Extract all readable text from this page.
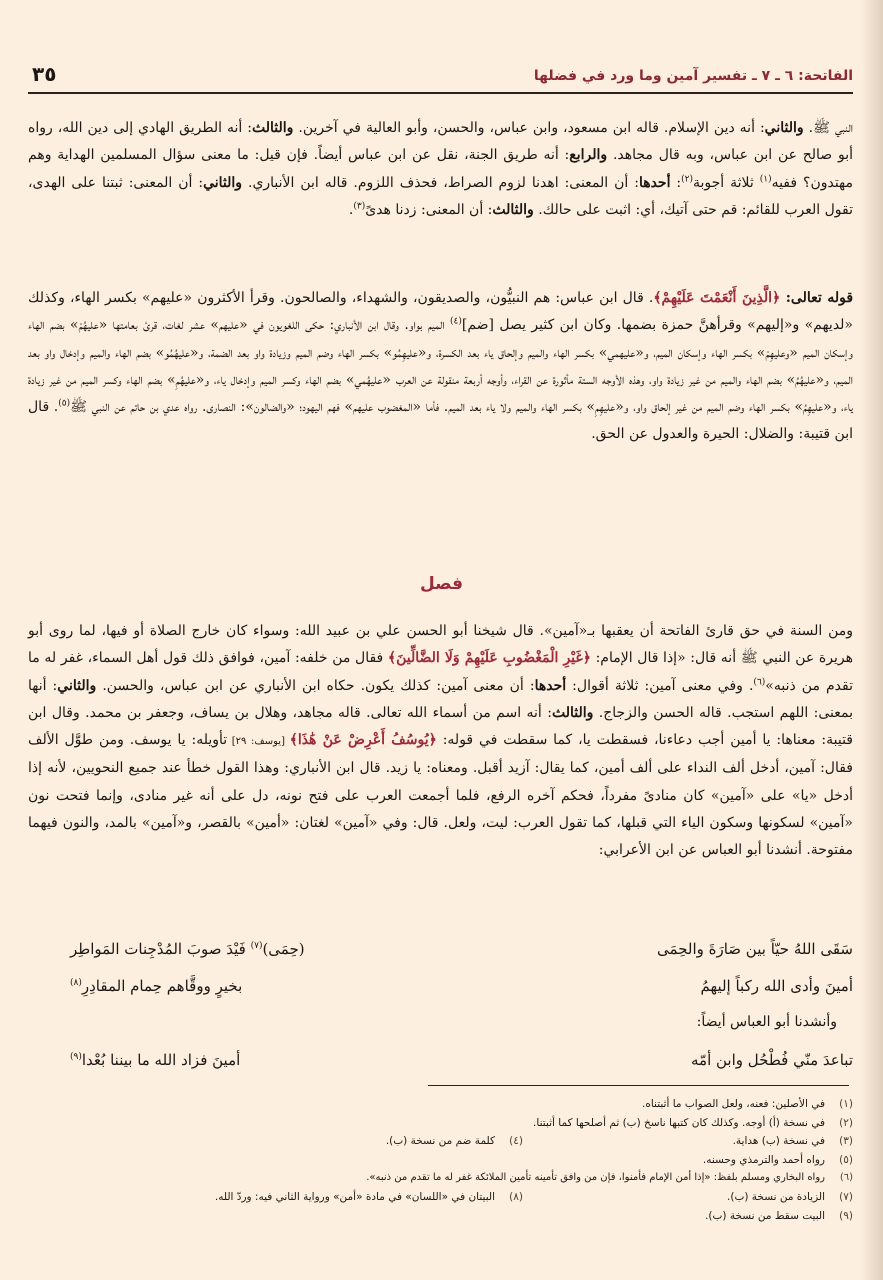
الفاتحة: ٦ ـ ٧ ـ تفسير آمين وما ورد في فضلها
٣٥

النبي ﷺ. والثاني: أنه دين الإسلام. قاله ابن مسعود، وابن عباس، والحسن، وأبو العالية في آخرين. والثالث: أنه الطريق الهادي إلى دين الله، رواه أبو صالح عن ابن عباس، وبه قال مجاهد. والرابع: أنه طريق الجنة، نقل عن ابن عباس أيضاً. فإن قيل: ما معنى سؤال المسلمين الهداية وهم مهتدون؟ ففيه$^{(١)}$ ثلاثة أجوبة$^{(٢)}$: أحدها: أن المعنى: اهدنا لزوم الصراط، فحذف اللزوم. قاله ابن الأنباري. والثاني: أن المعنى: ثبتنا على الهدى، تقول العرب للقائم: قم حتى آتيك، أي: اثبت على حالك. والثالث: أن المعنى: زدنا هدىً$^{(٣)}$.

قوله تعالى: ﴿الَّذِينَ أَنْعَمْتَ عَلَيْهِمْ﴾. قال ابن عباس: هم النبيُّون، والصديقون، والشهداء، والصالحون. وقرأ الأكثرون «عليهم» بكسر الهاء، وكذلك «لديهم» و«إليهم» وقرأهنَّ حمزة بضمها. وكان ابن كثير يصل [ضم]$^{(٤)}$ الميم بواو. وقال ابن الأنباري: حكى اللغويون في «عليهم» عشر لغات، قرئ بعامتها «عليهُمْ» بضم الهاء وإسكان الميم «وعليهِمْ» بكسر الهاء وإسكان الميم، و«عليهمي» بكسر الهاء والميم وإلحاق ياء بعد الكسرة، و«عليهِمُو» بكسر الهاء وضم الميم وزيادة واو بعد الضمة، و«عليهُمُو» بضم الهاء والميم وإدخال واو بعد الميم، و«عليهُمُ» بضم الهاء والميم من غير زيادة واو، وهذه الأوجه الستة مأثورة عن القراء، وأوجه أربعة منقولة عن العرب «عليهُمي» بضم الهاء وكسر الميم وإدخال ياء، و«عليهُمِ» بضم الهاء وكسر الميم من غير زيادة ياء، و«عليهِمُ» بكسر الهاء وضم الميم من غير إلحاق واو، و«عليهِمِ» بكسر الهاء والميم ولا ياء بعد الميم. فأما «المغضوب عليهم» فهم اليهود؛ «والضالون»: النصارى. رواه عدي بن حاتم عن النبي ﷺ$^{(٥)}$. قال ابن قتيبة: والضلال: الحيرة والعدول عن الحق.

فصل

ومن السنة في حق قارئ الفاتحة أن يعقبها بـ«آمين». قال شيخنا أبو الحسن علي بن عبيد الله: وسواء كان خارج الصلاة أو فيها، لما روى أبو هريرة عن النبي ﷺ أنه قال: «إذا قال الإمام: ﴿غَيْرِ الْمَغْضُوبِ عَلَيْهِمْ وَلَا الضَّالِّينَ﴾ فقال من خلفه: آمين، فوافق ذلك قول أهل السماء، غفر له ما تقدم من ذنبه»$^{(٦)}$. وفي معنى آمين: ثلاثة أقوال: أحدها: أن معنى آمين: كذلك يكون. حكاه ابن الأنباري عن ابن عباس، والحسن. والثاني: أنها بمعنى: اللهم استجب. قاله الحسن والزجاج. والثالث: أنه اسم من أسماء الله تعالى. قاله مجاهد، وهلال بن يساف، وجعفر بن محمد. وقال ابن قتيبة: معناها: يا أمين أجب دعاءنا، فسقطت يا، كما سقطت في قوله: ﴿يُوسُفُ أَعْرِضْ عَنْ هَٰذَا﴾ [يوسف: ٢٩] تأويله: يا يوسف. ومن طوَّل الألف فقال: آمين، أدخل ألف النداء على ألف أمين، كما يقال: آزيد أقبل. ومعناه: يا زيد. قال ابن الأنباري: وهذا القول خطأ عند جميع النحويين، لأنه إذا أدخل «يا» على «آمين» كان منادىً مفرداً، فحكم آخره الرفع، فلما أجمعت العرب على فتح نونه، دل على أنه غير منادى، وإنما فتحت نون «آمين» لسكونها وسكون الياء التي قبلها، كما تقول العرب: ليت، ولعل. قال: وفي «آمين» لغتان: «أمين» بالقصر، و«آمين» بالمد، والنون فيهما مفتوحة. أنشدنا أبو العباس عن ابن الأعرابي:

سَقَى اللهُ حيّاً بين صَارَةَ والحِمَى
(حِمَى)$^{(٧)}$ فَيْدَ صوبَ المُدْجِنات المَواطِر
أمينَ وأدى الله ركباً إليهمُ
بخيرٍ ووقَّاهم حِمام المقادِرِ$^{(٨)}$
وأنشدنا أبو العباس أيضاً:
تباعدَ منّي فُطْحُل وابن أمّه
أمينَ فزاد الله ما بيننا بُعْدا$^{(٩)}$
(١)في الأصلين: فعنه، ولعل الصواب ما أثبتناه.
(٢)في نسخة (أ) أوجه. وكذلك كان كتبها ناسخ (ب) ثم أصلحها كما أثبتنا.
(٣)في نسخة (ب) هداية.
(٤)كلمة ضم من نسخة (ب).
(٥)رواه أحمد والترمذي وحسنه.
(٦)رواه البخاري ومسلم بلفظ: «إذا أمن الإمام فأمنوا، فإن من وافق تأمينه تأمين الملائكة غفر له ما تقدم من ذنبه».
(٧)الزيادة من نسخة (ب).
(٨)البيتان في «اللسان» في مادة «أمن» ورواية الثاني فيه: وردّ الله.
(٩)البيت سقط من نسخة (ب).
